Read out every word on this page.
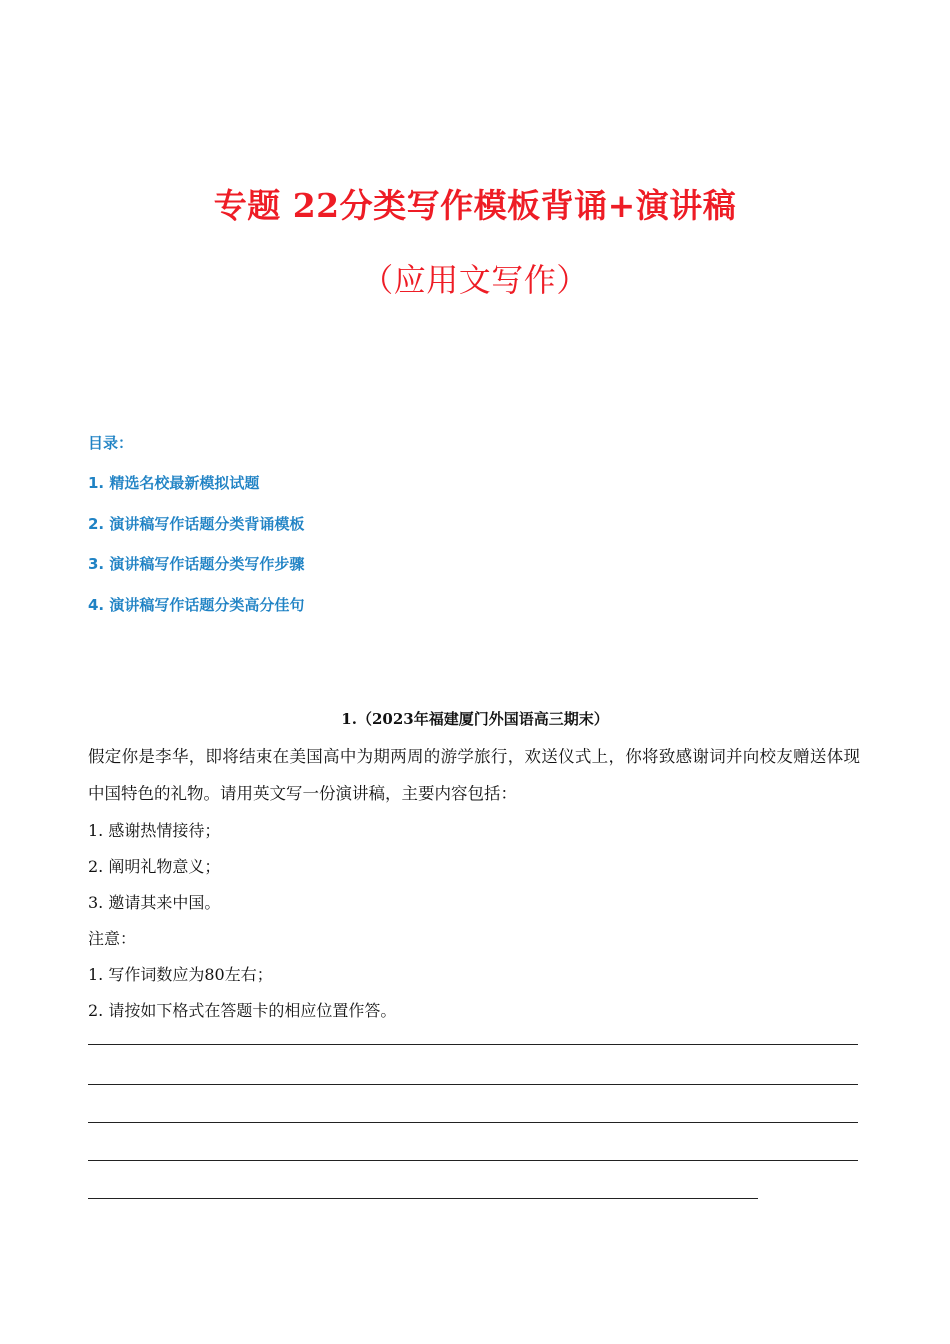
专题 22分类写作模板背诵+演讲稿
（应用文写作）
目录：
1. 精选名校最新模拟试题
2. 演讲稿写作话题分类背诵模板
3. 演讲稿写作话题分类写作步骤
4. 演讲稿写作话题分类高分佳句
1.（2023年福建厦门外国语高三期末）
假定你是李华，即将结束在美国高中为期两周的游学旅行，欢送仪式上，你将致感谢词并向校友赠送体现中国特色的礼物。请用英文写一份演讲稿，主要内容包括：
1. 感谢热情接待；
2. 阐明礼物意义；
3. 邀请其来中国。
注意：
1. 写作词数应为80左右；
2. 请按如下格式在答题卡的相应位置作答。
